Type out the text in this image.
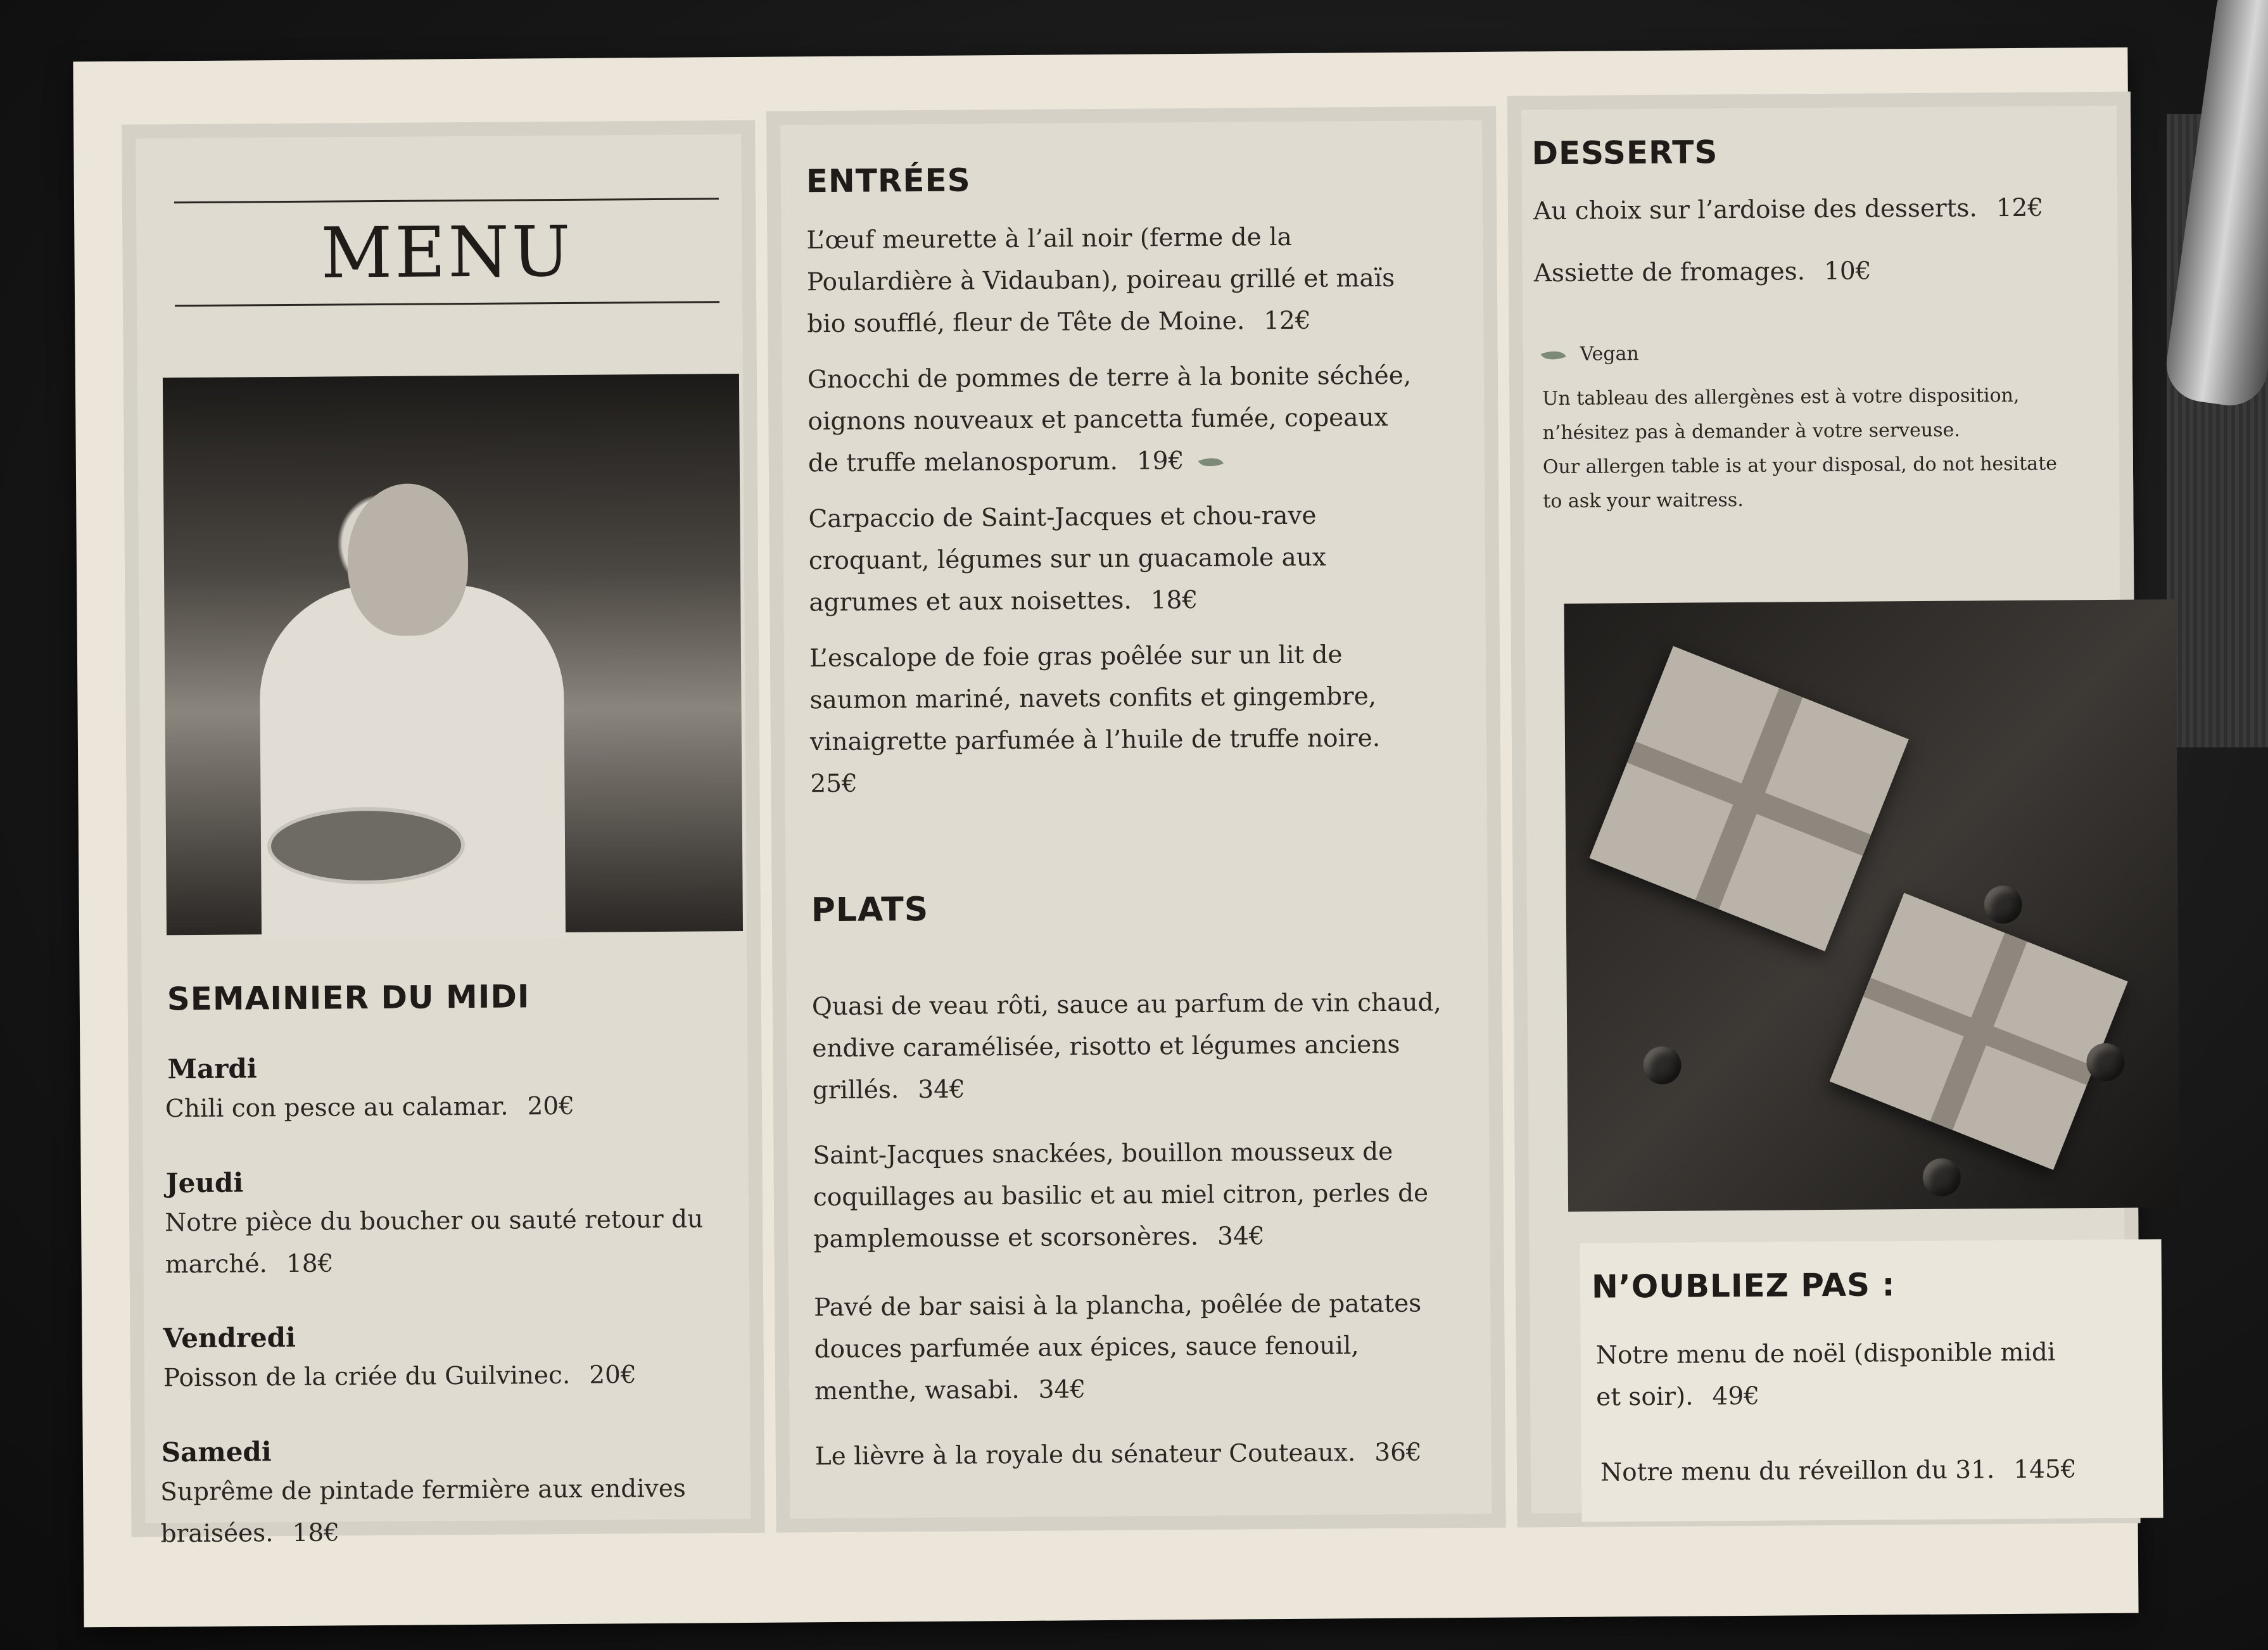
MENU
SEMAINIER DU MIDI
Mardi
Chili con pesce au calamar. 20€
Jeudi
Notre pièce du boucher ou sauté retour du
marché. 18€
Vendredi
Poisson de la criée du Guilvinec. 20€
Samedi
Suprême de pintade fermière aux endives
braisées. 18€
ENTRÉES
L’œuf meurette à l’ail noir (ferme de la
Poulardière à Vidauban), poireau grillé et maïs
bio soufflé, fleur de Tête de Moine. 12€
Gnocchi de pommes de terre à la bonite séchée,
oignons nouveaux et pancetta fumée, copeaux
de truffe melanosporum. 19€
Carpaccio de Saint-Jacques et chou-rave
croquant, légumes sur un guacamole aux
agrumes et aux noisettes. 18€
L’escalope de foie gras poêlée sur un lit de
saumon mariné, navets confits et gingembre,
vinaigrette parfumée à l’huile de truffe noire.
25€
PLATS
Quasi de veau rôti, sauce au parfum de vin chaud,
endive caramélisée, risotto et légumes anciens
grillés. 34€
Saint-Jacques snackées, bouillon mousseux de
coquillages au basilic et au miel citron, perles de
pamplemousse et scorsonères. 34€
Pavé de bar saisi à la plancha, poêlée de patates
douces parfumée aux épices, sauce fenouil,
menthe, wasabi. 34€
Le lièvre à la royale du sénateur Couteaux. 36€
DESSERTS
Au choix sur l’ardoise des desserts. 12€
Assiette de fromages. 10€
Vegan
Un tableau des allergènes est à votre disposition,
n’hésitez pas à demander à votre serveuse.
Our allergen table is at your disposal, do not hesitate
to ask your waitress.
N’OUBLIEZ PAS :
Notre menu de noël (disponible midi
et soir). 49€
Notre menu du réveillon du 31. 145€
